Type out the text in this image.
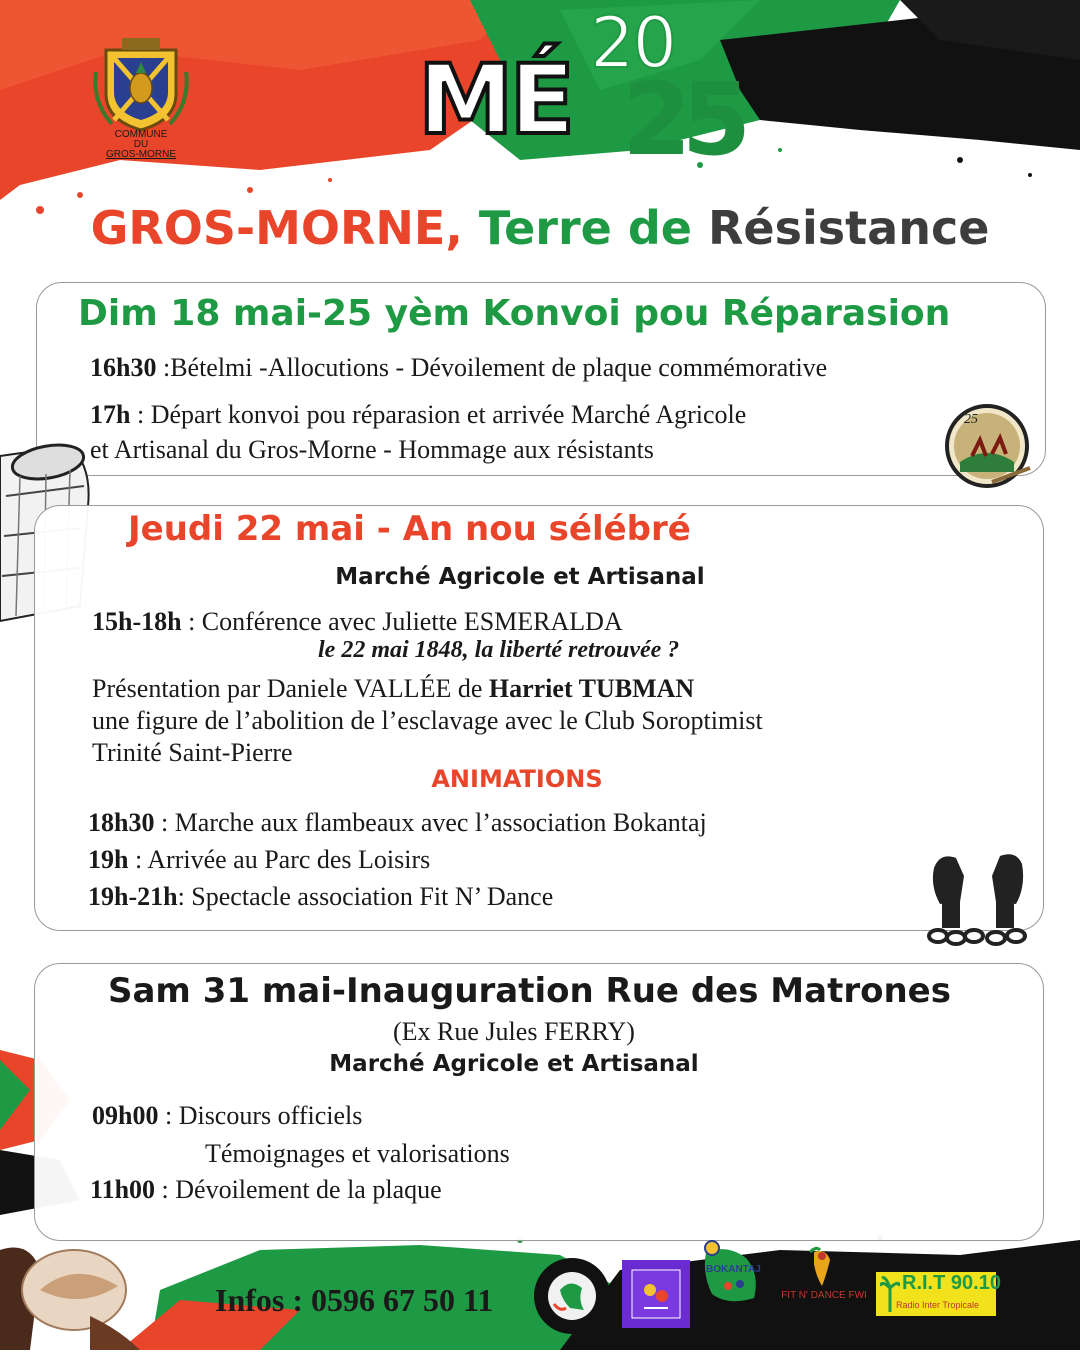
COMMUNE
DU
GROS-MORNE	MÉ
20
25
GROS-MORNE, Terre de Résistance
Dim 18 mai-25 yèm Konvoi pou Réparasion
16h30 :Bételmi -Allocutions - Dévoilement de plaque commémorative
17h : Départ konvoi pou réparasion et arrivée Marché Agricole
et Artisanal du Gros-Morne - Hommage aux résistants
25
Jeudi 22 mai - An nou sélébré
Marché Agricole et Artisanal
15h-18h : Conférence avec Juliette ESMERALDA
le 22 mai 1848, la liberté retrouvée ?
Présentation par Daniele VALLÉE de Harriet TUBMAN
une figure de l’abolition de l’esclavage avec le Club Soroptimist
Trinité Saint-Pierre
ANIMATIONS
18h30 : Marche aux flambeaux avec l’association Bokantaj
19h : Arrivée au Parc des Loisirs
19h-21h: Spectacle association Fit N’ Dance
Sam 31 mai-Inauguration Rue des Matrones
(Ex Rue Jules FERRY)
Marché Agricole et Artisanal
09h00 : Discours officiels
Témoignages et valorisations
11h00 : Dévoilement de la plaque
Infos : 0596 67 50 11
CIR
BOKANTAJ
FIT N' DANCE FWI
R.I.T 90.10
Radio Inter Tropicale
